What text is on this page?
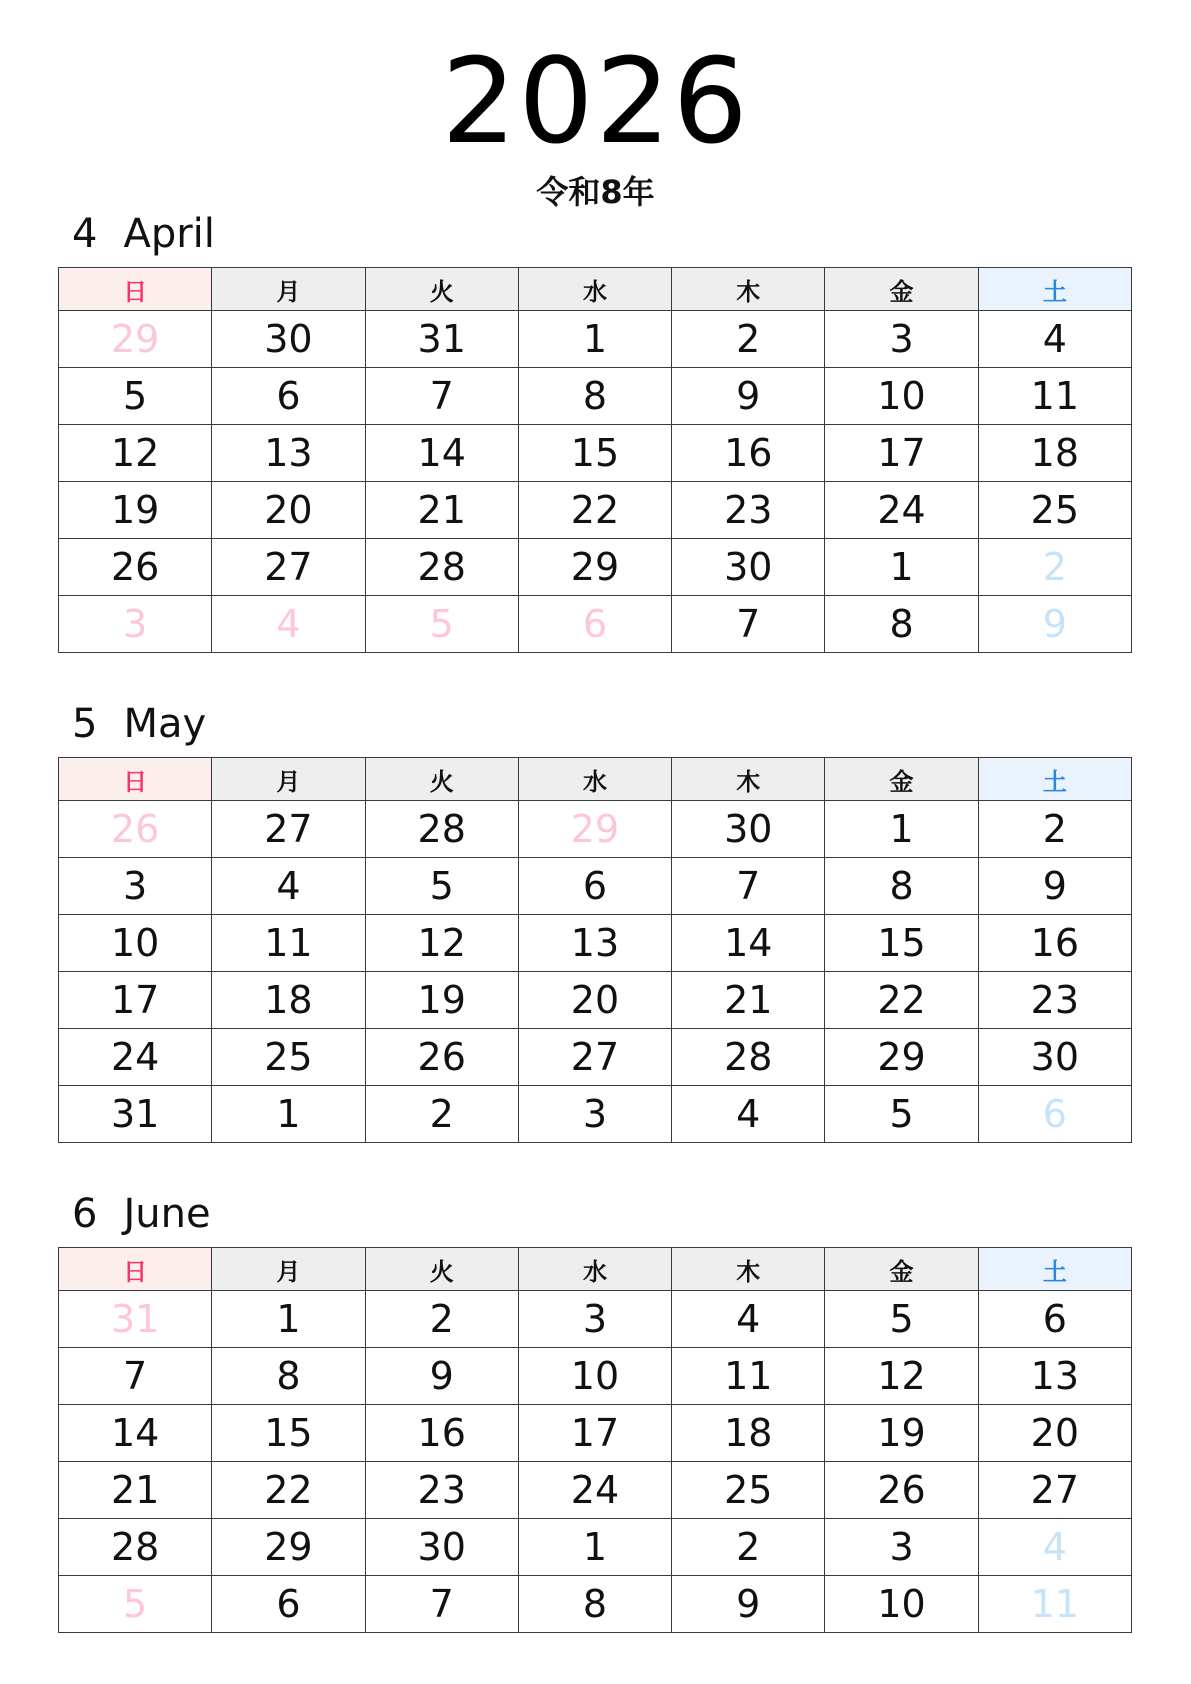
2026
令和8年
4 April
日	月	火	水	木	金	土
29	30	31	1	2	3	4
5	6	7	8	9	10	11
12	13	14	15	16	17	18
19	20	21	22	23	24	25
26	27	28	29	30	1	2
3	4	5	6	7	8	9
5 May
日	月	火	水	木	金	土
26	27	28	29	30	1	2
3	4	5	6	7	8	9
10	11	12	13	14	15	16
17	18	19	20	21	22	23
24	25	26	27	28	29	30
31	1	2	3	4	5	6
6 June
日	月	火	水	木	金	土
31	1	2	3	4	5	6
7	8	9	10	11	12	13
14	15	16	17	18	19	20
21	22	23	24	25	26	27
28	29	30	1	2	3	4
5	6	7	8	9	10	11
